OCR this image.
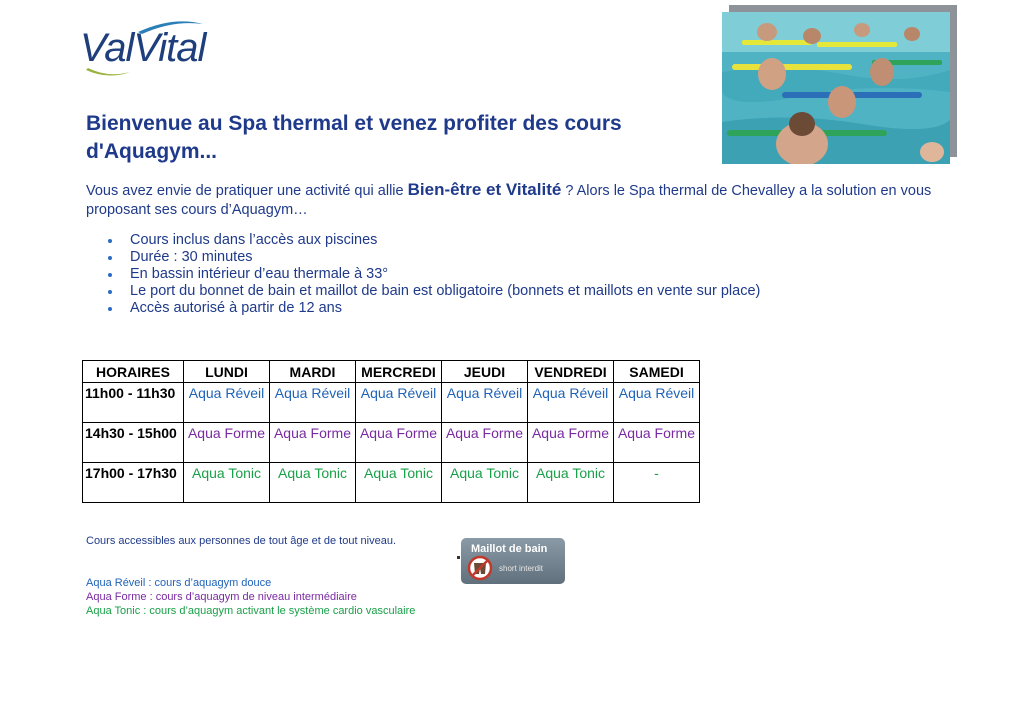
ValVital
Bienvenue au Spa thermal et venez profiter des cours d'Aquagym...

Vous avez envie de pratiquer une activité qui allie Bien-être et Vitalité ? Alors le Spa thermal de Chevalley a la solution en vous proposant ses cours d’Aquagym…

Cours inclus dans l’accès aux piscines
Durée : 30 minutes
En bassin intérieur d’eau thermale à 33°
Le port du bonnet de bain et maillot de bain est obligatoire (bonnets et maillots en vente sur place)
Accès autorisé à partir de 12 ans
HORAIRES	LUNDI	MARDI	MERCREDI	JEUDI	VENDREDI	SAMEDI
11h00 - 11h30	Aqua Réveil	Aqua Réveil	Aqua Réveil	Aqua Réveil	Aqua Réveil	Aqua Réveil
14h30 - 15h00	Aqua Forme	Aqua Forme	Aqua Forme	Aqua Forme	Aqua Forme	Aqua Forme
17h00 - 17h30	Aqua Tonic	Aqua Tonic	Aqua Tonic	Aqua Tonic	Aqua Tonic	-

Cours accessibles aux personnes de tout âge et de tout niveau.

Maillot de bain
short interdit
Aqua Réveil : cours d’aquagym douce
Aqua Forme : cours d’aquagym de niveau intermédiaire
Aqua Tonic : cours d’aquagym activant le système cardio vasculaire
